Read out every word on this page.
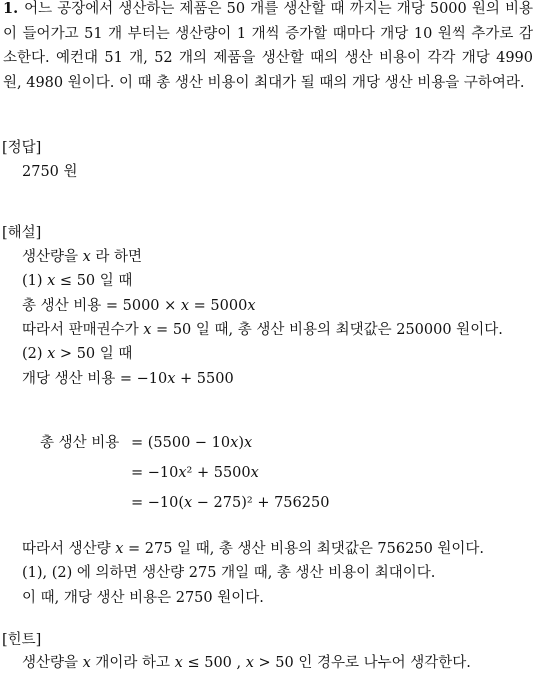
1. 어느 공장에서 생산하는 제품은 50 개를 생산할 때 까지는 개당 5000 원의 비용이 들어가고 51 개 부터는 생산량이 1 개씩 증가할 때마다 개당 10 원씩 추가로 감소한다. 예컨대 51 개, 52 개의 제품을 생산할 때의 생산 비용이 각각 개당 4990 원, 4980 원이다. 이 때 총 생산 비용이 최대가 될 때의 개당 생산 비용을 구하여라.
[정답]
2750 원
[해설]
생산량을 𝑥 라 하면
(1) 𝑥 ≤ 50 일 때
총 생산 비용 = 5000 × 𝑥 = 5000𝑥
따라서 판매권수가 𝑥 = 50 일 때, 총 생산 비용의 최댓값은 250000 원이다.
(2) 𝑥 > 50 일 때
개당 생산 비용 = −10𝑥 + 5500
총 생산 비용 = (5500 − 10𝑥)𝑥
= −10𝑥² + 5500𝑥
= −10(𝑥 − 275)² + 756250
따라서 생산량 𝑥 = 275 일 때, 총 생산 비용의 최댓값은 756250 원이다.
(1), (2) 에 의하면 생산량 275 개일 때, 총 생산 비용이 최대이다.
이 때, 개당 생산 비용은 2750 원이다.
[힌트]
생산량을 𝑥 개이라 하고 𝑥 ≤ 500 , 𝑥 > 50 인 경우로 나누어 생각한다.
